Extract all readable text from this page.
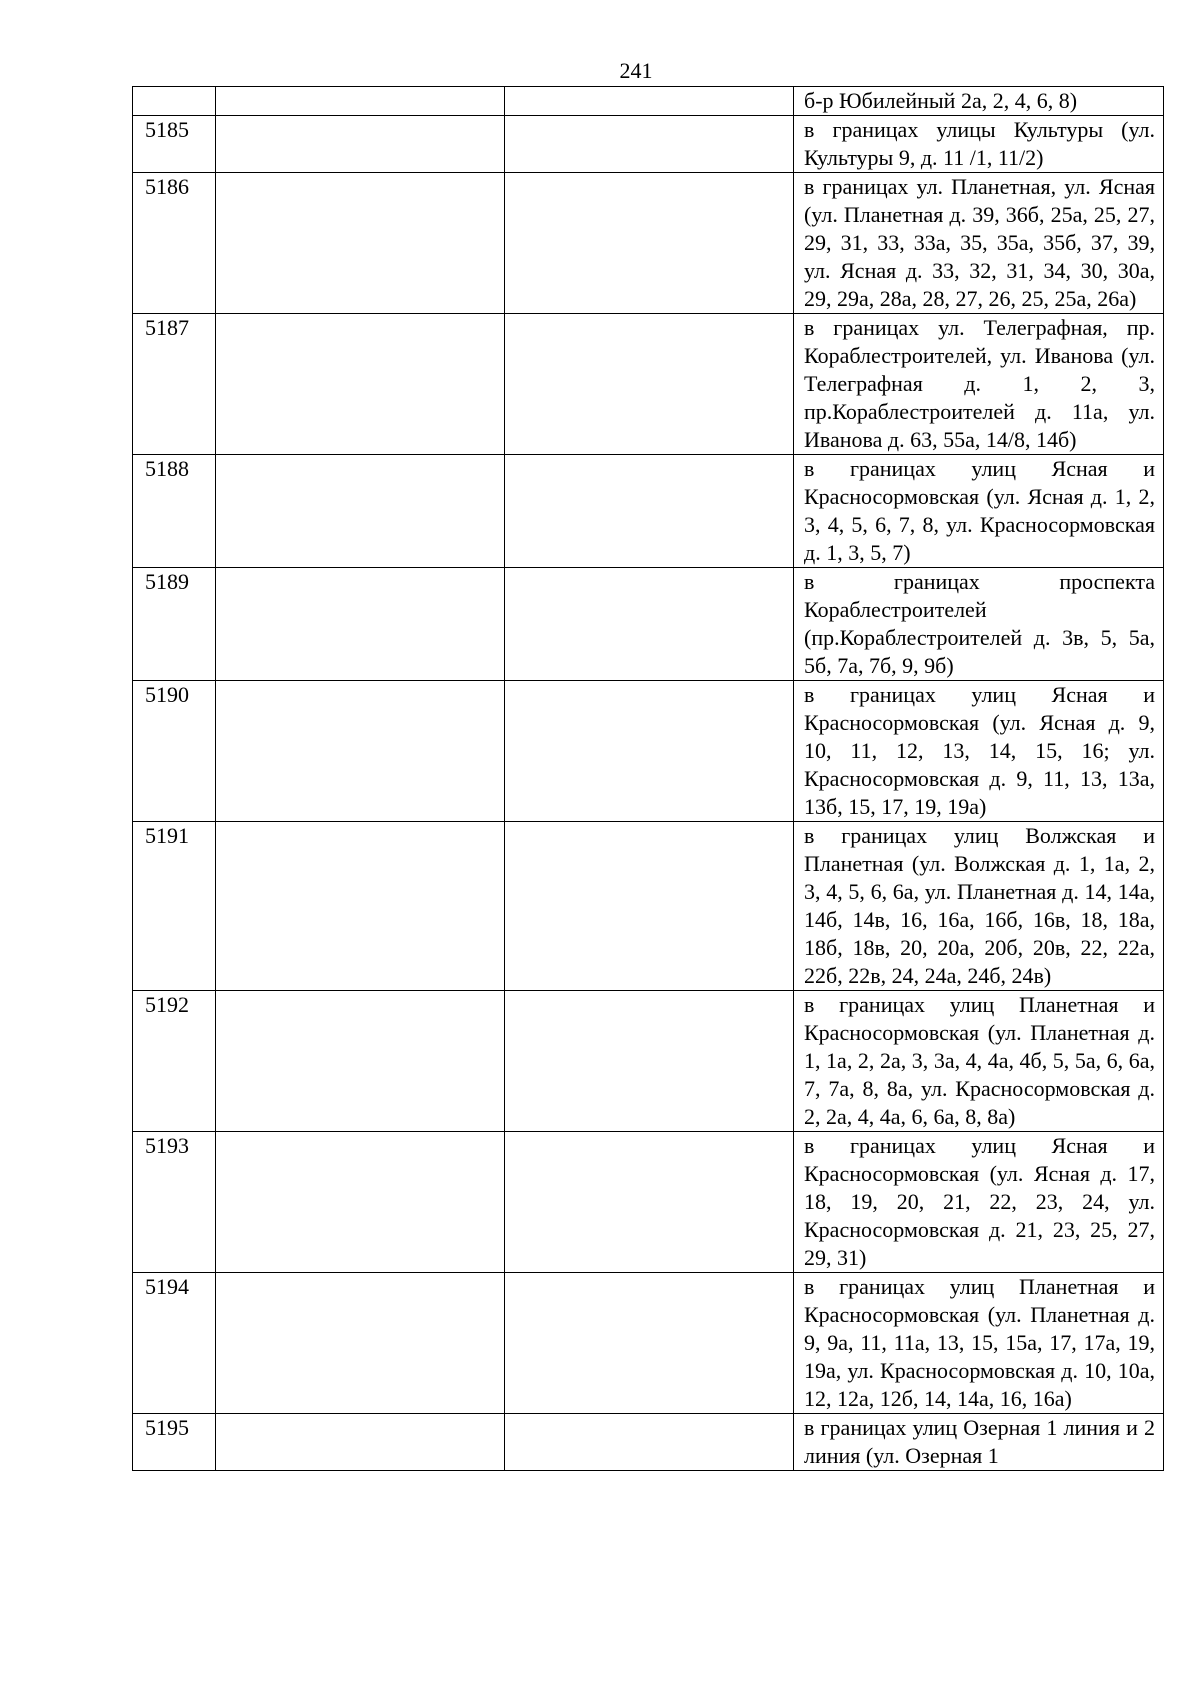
241
			б-р Юбилейный 2а, 2, 4, 6, 8)
5185			в границах улицы Культуры (ул. Культуры 9, д. 11 /1, 11/2)
5186			в границах ул. Планетная, ул. Ясная (ул. Планетная д. 39, 36б, 25а, 25, 27, 29, 31, 33, 33а, 35, 35а, 35б, 37, 39, ул. Ясная д. 33, 32, 31, 34, 30, 30а, 29, 29а, 28а, 28, 27, 26, 25, 25а, 26а)
5187			в границах ул. Телеграфная, пр. Кораблестроителей, ул. Иванова (ул. Телеграфная д. 1, 2, 3, пр.Кораблестроителей д. 11а, ул. Иванова д. 63, 55а, 14/8, 14б)
5188			в границах улиц Ясная и Красносормовская (ул. Ясная д. 1, 2, 3, 4, 5, 6, 7, 8, ул. Красносормовская д. 1, 3, 5, 7)
5189			в границах проспекта Кораблестроителей (пр.Кораблестроителей д. 3в, 5, 5а, 5б, 7а, 7б, 9, 9б)
5190			в границах улиц Ясная и Красносормовская (ул. Ясная д. 9, 10, 11, 12, 13, 14, 15, 16; ул. Красносормовская д. 9, 11, 13, 13а, 13б, 15, 17, 19, 19а)
5191			в границах улиц Волжская и Планетная (ул. Волжская д. 1, 1а, 2, 3, 4, 5, 6, 6а, ул. Планетная д. 14, 14а, 14б, 14в, 16, 16а, 16б, 16в, 18, 18а, 18б, 18в, 20, 20а, 20б, 20в, 22, 22а, 22б, 22в, 24, 24а, 24б, 24в)
5192			в границах улиц Планетная и Красносормовская (ул. Планетная д. 1, 1а, 2, 2а, 3, 3а, 4, 4а, 4б, 5, 5а, 6, 6а, 7, 7а, 8, 8а, ул. Красносормовская д. 2, 2а, 4, 4а, 6, 6а, 8, 8а)
5193			в границах улиц Ясная и Красносормовская (ул. Ясная д. 17, 18, 19, 20, 21, 22, 23, 24, ул. Красносормовская д. 21, 23, 25, 27, 29, 31)
5194			в границах улиц Планетная и Красносормовская (ул. Планетная д. 9, 9а, 11, 11а, 13, 15, 15а, 17, 17а, 19, 19а, ул. Красносормовская д. 10, 10а, 12, 12а, 12б, 14, 14а, 16, 16а)
5195			в границах улиц Озерная 1 линия и 2 линия (ул. Озерная 1
